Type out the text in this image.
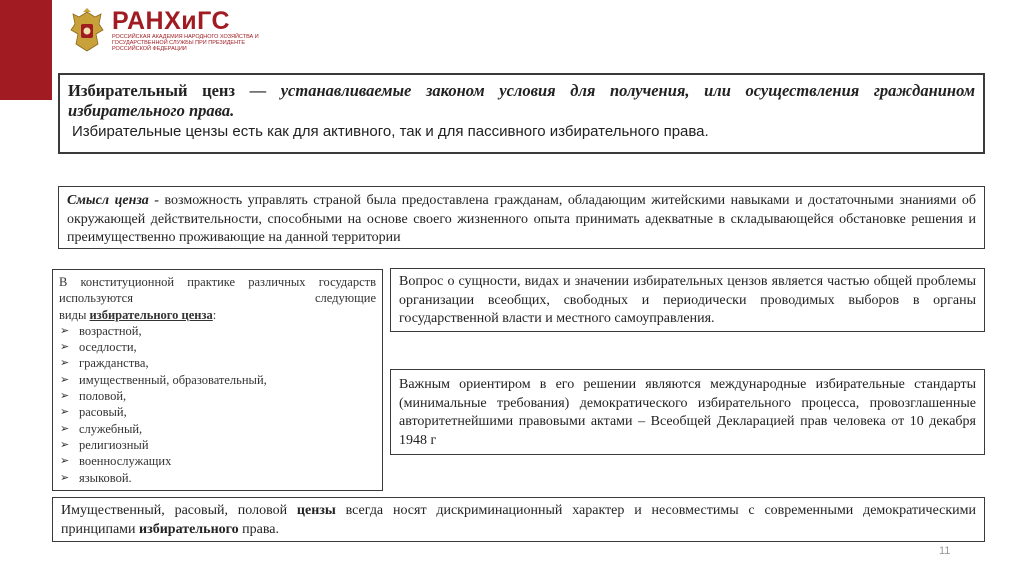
РАНХиГС
РОССИЙСКАЯ АКАДЕМИЯ НАРОДНОГО ХОЗЯЙСТВА И ГОСУДАРСТВЕННОЙ СЛУЖБЫ ПРИ ПРЕЗИДЕНТЕ РОССИЙСКОЙ ФЕДЕРАЦИИ
Избирательный ценз — устанавливаемые законом условия для получения, или осуществления гражданином избирательного права.
Избирательные цензы есть как для активного, так и для пассивного избирательного права.
Смысл ценза - возможность управлять страной была предоставлена гражданам, обладающим житейскими навыками и достаточными знаниями об окружающей действительности, способными на основе своего жизненного опыта принимать адекватные в складывающейся обстановке решения и преимущественно проживающие на данной территории
В конституционной практике различных государств
используются следующие
виды избирательного ценза:
➢ возрастной,
➢ оседлости,
➢ гражданства,
➢ имущественный, образовательный,
➢ половой,
➢ расовый,
➢ служебный,
➢ религиозный
➢ военнослужащих
➢ языковой.
Вопрос о сущности, видах и значении избирательных цензов является частью общей проблемы организации всеобщих, свободных и периодически проводимых выборов в органы государственной власти и местного самоуправления.
Важным ориентиром в его решении являются международные избирательные стандарты (минимальные требования) демократического избирательного процесса, провозглашенные авторитетнейшими правовыми актами – Всеобщей Декларацией прав человека от 10 декабря 1948 г
Имущественный, расовый, половой цензы всегда носят дискриминационный характер и несовместимы с современными демократическими принципами избирательного права.
11
